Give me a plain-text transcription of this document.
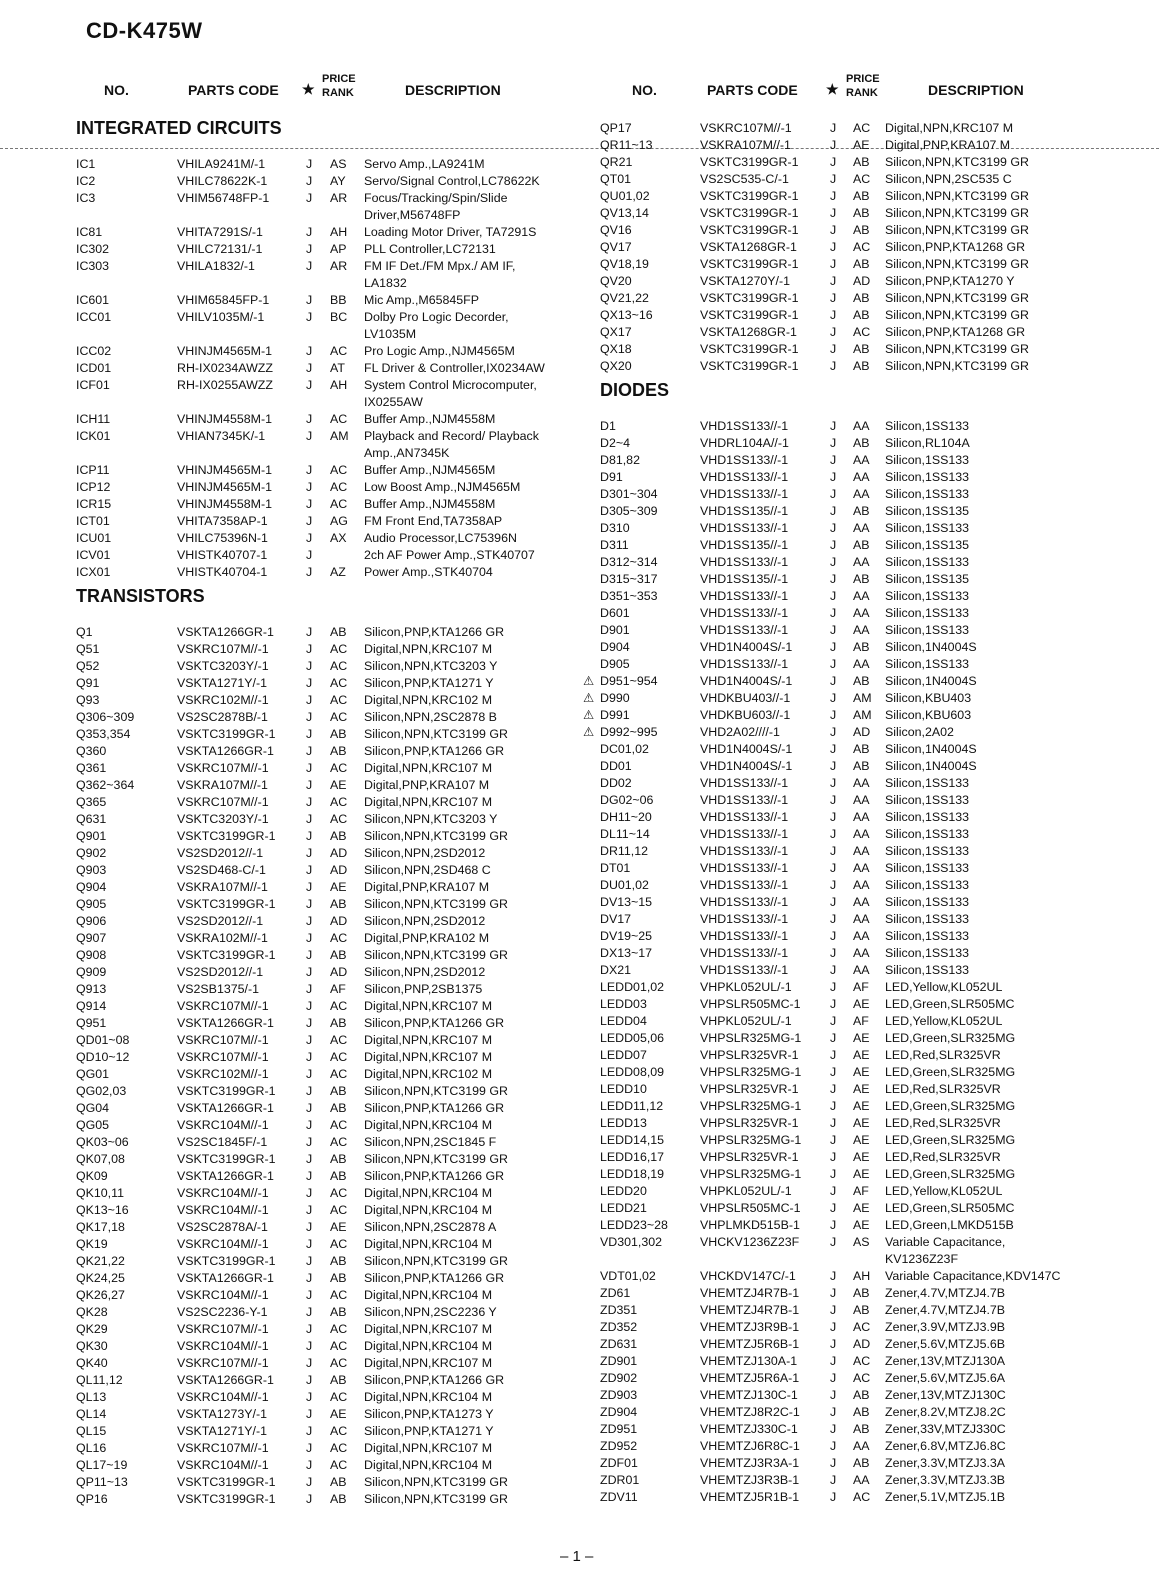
CD-K475W
NO.	PARTS CODE ★
PRICE
RANK	DESCRIPTION	NO.	PARTS CODE ★
PRICE
RANK	DESCRIPTION
INTEGRATED CIRCUITS
IC1	VHILA9241M/-1	J AS Servo Amp.,LA9241M
IC2	VHILC78622K-1	J AY Servo/Signal Control,LC78622K
IC3	VHIM56748FP-1	J AR Focus/Tracking/Spin/Slide
Driver,M56748FP
IC81	VHITA7291S/-1	J AH Loading Motor Driver, TA7291S
IC302	VHILC72131/-1	J AP PLL Controller,LC72131
IC303	VHILA1832/-1	J AR FM IF Det./FM Mpx./ AM IF,
LA1832
IC601	VHIM65845FP-1	J BB Mic Amp.,M65845FP
ICC01	VHILV1035M/-1	J BC Dolby Pro Logic Decorder,
LV1035M
ICC02	VHINJM4565M-1	J AC Pro Logic Amp.,NJM4565M
ICD01	RH-IX0234AWZZ	J AT FL Driver & Controller,IX0234AW
ICF01	RH-IX0255AWZZ	J AH System Control Microcomputer,
IX0255AW
ICH11	VHINJM4558M-1	J AC Buffer Amp.,NJM4558M
ICK01	VHIAN7345K/-1	J AM Playback and Record/ Playback
Amp.,AN7345K
ICP11	VHINJM4565M-1	J AC Buffer Amp.,NJM4565M
ICP12	VHINJM4565M-1	J AC Low Boost Amp.,NJM4565M
ICR15	VHINJM4558M-1	J AC Buffer Amp.,NJM4558M
ICT01	VHITA7358AP-1	J AG FM Front End,TA7358AP
ICU01	VHILC75396N-1	J AX Audio Processor,LC75396N
ICV01	VHISTK40707-1	J	2ch AF Power Amp.,STK40707
ICX01	VHISTK40704-1	J AZ Power Amp.,STK40704
TRANSISTORS
Q1	VSKTA1266GR-1	J AB Silicon,PNP,KTA1266 GR
Q51	VSKRC107M//-1	J AC Digital,NPN,KRC107 M
Q52	VSKTC3203Y/-1	J AC Silicon,NPN,KTC3203 Y
Q91	VSKTA1271Y/-1	J AC Silicon,PNP,KTA1271 Y
Q93	VSKRC102M//-1	J AC Digital,NPN,KRC102 M
Q306~309	VS2SC2878B/-1	J AC Silicon,NPN,2SC2878 B
Q353,354	VSKTC3199GR-1 J AB Silicon,NPN,KTC3199 GR
Q360	VSKTA1266GR-1	J AB Silicon,PNP,KTA1266 GR
Q361	VSKRC107M//-1	J AC Digital,NPN,KRC107 M
Q362~364	VSKRA107M//-1	J AE Digital,PNP,KRA107 M
Q365	VSKRC107M//-1	J AC Digital,NPN,KRC107 M
Q631	VSKTC3203Y/-1	J AC Silicon,NPN,KTC3203 Y
Q901	VSKTC3199GR-1 J AB Silicon,NPN,KTC3199 GR
Q902	VS2SD2012//-1	J AD Silicon,NPN,2SD2012
Q903	VS2SD468-C/-1	J AD Silicon,NPN,2SD468 C
Q904	VSKRA107M//-1	J AE Digital,PNP,KRA107 M
Q905	VSKTC3199GR-1 J AB Silicon,NPN,KTC3199 GR
Q906	VS2SD2012//-1	J AD Silicon,NPN,2SD2012
Q907	VSKRA102M//-1	J AC Digital,PNP,KRA102 M
Q908	VSKTC3199GR-1 J AB Silicon,NPN,KTC3199 GR
Q909	VS2SD2012//-1	J AD Silicon,NPN,2SD2012
Q913	VS2SB1375/-1	J AF Silicon,PNP,2SB1375
Q914	VSKRC107M//-1	J AC Digital,NPN,KRC107 M
Q951	VSKTA1266GR-1	J AB Silicon,PNP,KTA1266 GR
QD01~08	VSKRC107M//-1	J AC Digital,NPN,KRC107 M
QD10~12	VSKRC107M//-1	J AC Digital,NPN,KRC107 M
QG01	VSKRC102M//-1	J AC Digital,NPN,KRC102 M
QG02,03	VSKTC3199GR-1 J AB Silicon,NPN,KTC3199 GR
QG04	VSKTA1266GR-1	J AB Silicon,PNP,KTA1266 GR
QG05	VSKRC104M//-1	J AC Digital,NPN,KRC104 M
QK03~06	VS2SC1845F/-1	J AC Silicon,NPN,2SC1845 F
QK07,08	VSKTC3199GR-1 J AB Silicon,NPN,KTC3199 GR
QK09	VSKTA1266GR-1	J AB Silicon,PNP,KTA1266 GR
QK10,11	VSKRC104M//-1	J AC Digital,NPN,KRC104 M
QK13~16	VSKRC104M//-1	J AC Digital,NPN,KRC104 M
QK17,18	VS2SC2878A/-1	J AE Silicon,NPN,2SC2878 A
QK19	VSKRC104M//-1	J AC Digital,NPN,KRC104 M
QK21,22	VSKTC3199GR-1 J AB Silicon,NPN,KTC3199 GR
QK24,25	VSKTA1266GR-1	J AB Silicon,PNP,KTA1266 GR
QK26,27	VSKRC104M//-1	J AC Digital,NPN,KRC104 M
QK28	VS2SC2236-Y-1	J AB Silicon,NPN,2SC2236 Y
QK29	VSKRC107M//-1	J AC Digital,NPN,KRC107 M
QK30	VSKRC104M//-1	J AC Digital,NPN,KRC104 M
QK40	VSKRC107M//-1	J AC Digital,NPN,KRC107 M
QL11,12	VSKTA1266GR-1	J AB Silicon,PNP,KTA1266 GR
QL13	VSKRC104M//-1	J AC Digital,NPN,KRC104 M
QL14	VSKTA1273Y/-1	J AE Silicon,PNP,KTA1273 Y
QL15	VSKTA1271Y/-1	J AC Silicon,PNP,KTA1271 Y
QL16	VSKRC107M//-1	J AC Digital,NPN,KRC107 M
QL17~19	VSKRC104M//-1	J AC Digital,NPN,KRC104 M
QP11~13	VSKTC3199GR-1 J AB Silicon,NPN,KTC3199 GR
QP16	VSKTC3199GR-1 J AB Silicon,NPN,KTC3199 GR
QP17	VSKRC107M//-1	J AC Digital,NPN,KRC107 M
QR11~13	VSKRA107M//-1	J AE Digital,PNP,KRA107 M
QR21	VSKTC3199GR-1	J AB Silicon,NPN,KTC3199 GR
QT01	VS2SC535-C/-1	J AC Silicon,NPN,2SC535 C
QU01,02	VSKTC3199GR-1	J AB Silicon,NPN,KTC3199 GR
QV13,14	VSKTC3199GR-1	J AB Silicon,NPN,KTC3199 GR
QV16	VSKTC3199GR-1	J AB Silicon,NPN,KTC3199 GR
QV17	VSKTA1268GR-1	J AC Silicon,PNP,KTA1268 GR
QV18,19	VSKTC3199GR-1	J AB Silicon,NPN,KTC3199 GR
QV20	VSKTA1270Y/-1	J AD Silicon,PNP,KTA1270 Y
QV21,22	VSKTC3199GR-1	J AB Silicon,NPN,KTC3199 GR
QX13~16	VSKTC3199GR-1	J AB Silicon,NPN,KTC3199 GR
QX17	VSKTA1268GR-1	J AC Silicon,PNP,KTA1268 GR
QX18	VSKTC3199GR-1	J AB Silicon,NPN,KTC3199 GR
QX20	VSKTC3199GR-1	J AB Silicon,NPN,KTC3199 GR
DIODES
D1	VHD1SS133//-1	J AA Silicon,1SS133
D2~4	VHDRL104A//-1	J AB Silicon,RL104A
D81,82	VHD1SS133//-1	J AA Silicon,1SS133
D91	VHD1SS133//-1	J AA Silicon,1SS133
D301~304	VHD1SS133//-1	J AA Silicon,1SS133
D305~309	VHD1SS135//-1	J AB Silicon,1SS135
D310	VHD1SS133//-1	J AA Silicon,1SS133
D311	VHD1SS135//-1	J AB Silicon,1SS135
D312~314	VHD1SS133//-1	J AA Silicon,1SS133
D315~317	VHD1SS135//-1	J AB Silicon,1SS135
D351~353	VHD1SS133//-1	J AA Silicon,1SS133
D601	VHD1SS133//-1	J AA Silicon,1SS133
D901	VHD1SS133//-1	J AA Silicon,1SS133
D904	VHD1N4004S/-1	J AB Silicon,1N4004S
D905	VHD1SS133//-1	J AA Silicon,1SS133
D951~954	VHD1N4004S/-1	J AB Silicon,1N4004S
⚠
D990	VHDKBU403//-1	J AM Silicon,KBU403
⚠
D991	VHDKBU603//-1	J AM Silicon,KBU603
⚠
D992~995	VHD2A02////-1	J AD Silicon,2A02
⚠
DC01,02	VHD1N4004S/-1	J AB Silicon,1N4004S
DD01	VHD1N4004S/-1	J AB Silicon,1N4004S
DD02	VHD1SS133//-1	J AA Silicon,1SS133
DG02~06	VHD1SS133//-1	J AA Silicon,1SS133
DH11~20	VHD1SS133//-1	J AA Silicon,1SS133
DL11~14	VHD1SS133//-1	J AA Silicon,1SS133
DR11,12	VHD1SS133//-1	J AA Silicon,1SS133
DT01	VHD1SS133//-1	J AA Silicon,1SS133
DU01,02	VHD1SS133//-1	J AA Silicon,1SS133
DV13~15	VHD1SS133//-1	J AA Silicon,1SS133
DV17	VHD1SS133//-1	J AA Silicon,1SS133
DV19~25	VHD1SS133//-1	J AA Silicon,1SS133
DX13~17	VHD1SS133//-1	J AA Silicon,1SS133
DX21	VHD1SS133//-1	J AA Silicon,1SS133
LEDD01,02	VHPKL052UL/-1	J AF LED,Yellow,KL052UL
LEDD03	VHPSLR505MC-1 J AE LED,Green,SLR505MC
LEDD04	VHPKL052UL/-1	J AF LED,Yellow,KL052UL
LEDD05,06	VHPSLR325MG-1 J AE LED,Green,SLR325MG
LEDD07	VHPSLR325VR-1	J AE LED,Red,SLR325VR
LEDD08,09	VHPSLR325MG-1 J AE LED,Green,SLR325MG
LEDD10	VHPSLR325VR-1	J AE LED,Red,SLR325VR
LEDD11,12	VHPSLR325MG-1 J AE LED,Green,SLR325MG
LEDD13	VHPSLR325VR-1	J AE LED,Red,SLR325VR
LEDD14,15	VHPSLR325MG-1 J AE LED,Green,SLR325MG
LEDD16,17	VHPSLR325VR-1	J AE LED,Red,SLR325VR
LEDD18,19	VHPSLR325MG-1 J AE LED,Green,SLR325MG
LEDD20	VHPKL052UL/-1	J AF LED,Yellow,KL052UL
LEDD21	VHPSLR505MC-1 J AE LED,Green,SLR505MC
LEDD23~28	VHPLMKD515B-1 J AE LED,Green,LMKD515B
VD301,302	VHCKV1236Z23F J AS Variable Capacitance,
KV1236Z23F
VDT01,02	VHCKDV147C/-1	J AH Variable Capacitance,KDV147C
ZD61	VHEMTZJ4R7B-1 J AB Zener,4.7V,MTZJ4.7B
ZD351	VHEMTZJ4R7B-1 J AB Zener,4.7V,MTZJ4.7B
ZD352	VHEMTZJ3R9B-1 J AC Zener,3.9V,MTZJ3.9B
ZD631	VHEMTZJ5R6B-1 J AD Zener,5.6V,MTZJ5.6B
ZD901	VHEMTZJ130A-1	J AC Zener,13V,MTZJ130A
ZD902	VHEMTZJ5R6A-1 J AC Zener,5.6V,MTZJ5.6A
ZD903	VHEMTZJ130C-1	J AB Zener,13V,MTZJ130C
ZD904	VHEMTZJ8R2C-1 J AB Zener,8.2V,MTZJ8.2C
ZD951	VHEMTZJ330C-1	J AB Zener,33V,MTZJ330C
ZD952	VHEMTZJ6R8C-1 J AA Zener,6.8V,MTZJ6.8C
ZDF01	VHEMTZJ3R3A-1 J AB Zener,3.3V,MTZJ3.3A
ZDR01	VHEMTZJ3R3B-1 J AA Zener,3.3V,MTZJ3.3B
ZDV11	VHEMTZJ5R1B-1 J AC Zener,5.1V,MTZJ5.1B
– 1 –
